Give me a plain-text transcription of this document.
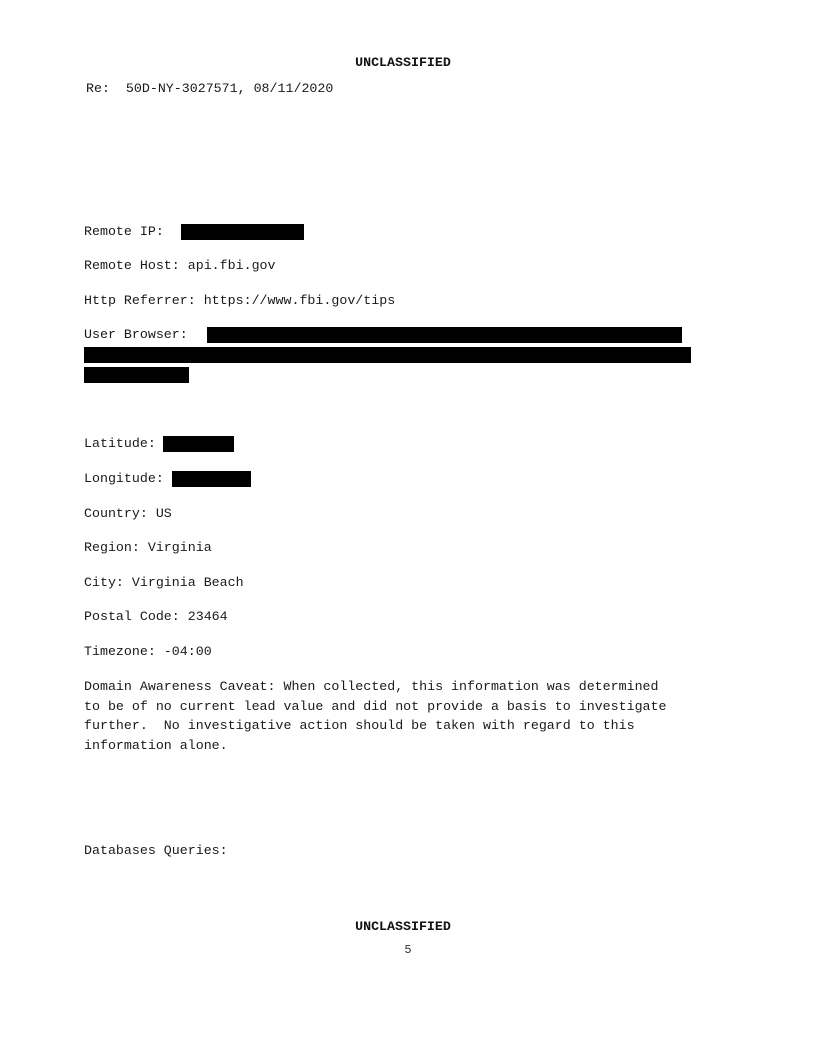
UNCLASSIFIED
Re:  50D-NY-3027571, 08/11/2020
Remote IP:
Remote Host: api.fbi.gov
Http Referrer: https://www.fbi.gov/tips
User Browser:
Latitude:
Longitude:
Country: US
Region: Virginia
City: Virginia Beach
Postal Code: 23464
Timezone: -04:00
Domain Awareness Caveat: When collected, this information was determined
to be of no current lead value and did not provide a basis to investigate
further.  No investigative action should be taken with regard to this
information alone.
Databases Queries:
UNCLASSIFIED
5
